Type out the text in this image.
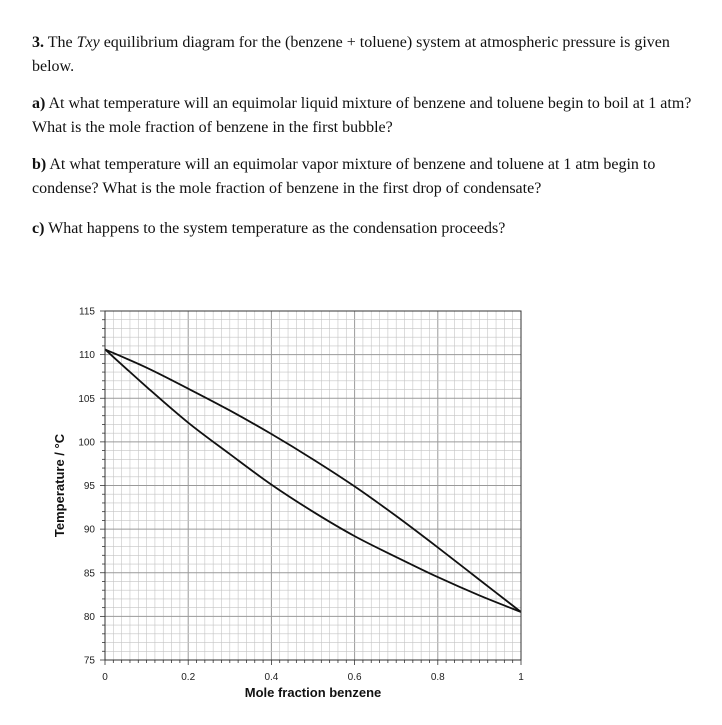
3. The Txy equilibrium diagram for the (benzene + toluene) system at atmospheric pressure is given below.

a) At what temperature will an equimolar liquid mixture of benzene and toluene begin to boil at 1 atm? What is the mole fraction of benzene in the first bubble?

b) At what temperature will an equimolar vapor mixture of benzene and toluene at 1 atm begin to condense? What is the mole fraction of benzene in the first drop of condensate?

c) What happens to the system temperature as the condensation proceeds?

0	0.2	0.4	0.6	0.8	1
75
80
85
90
95
100
105
110
115
Temperature / °C
Mole fraction benzene
